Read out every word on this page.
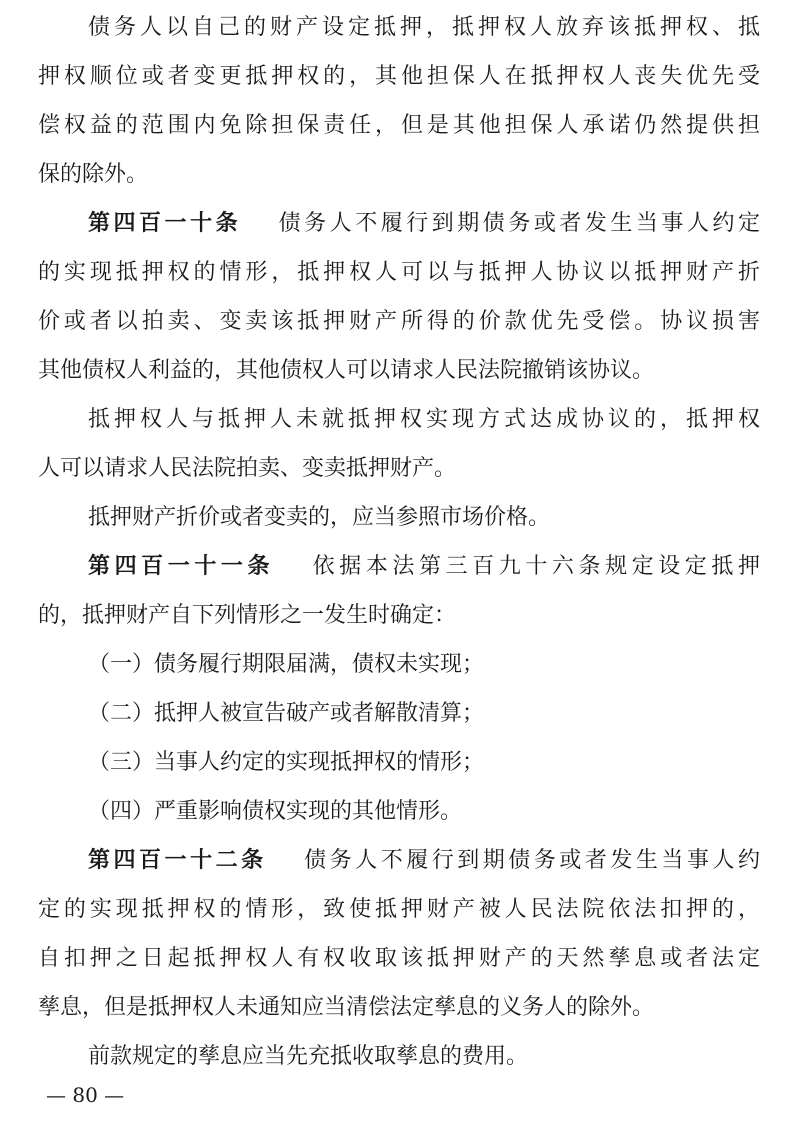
债务人以自己的财产设定抵押，抵押权人放弃该抵押权、抵
押权顺位或者变更抵押权的，其他担保人在抵押权人丧失优先受
偿权益的范围内免除担保责任，但是其他担保人承诺仍然提供担
保的除外。
第四百一十条 债务人不履行到期债务或者发生当事人约定
的实现抵押权的情形，抵押权人可以与抵押人协议以抵押财产折
价或者以拍卖、变卖该抵押财产所得的价款优先受偿。协议损害
其他债权人利益的，其他债权人可以请求人民法院撤销该协议。
抵押权人与抵押人未就抵押权实现方式达成协议的，抵押权
人可以请求人民法院拍卖、变卖抵押财产。
抵押财产折价或者变卖的，应当参照市场价格。
第四百一十一条 依据本法第三百九十六条规定设定抵押
的，抵押财产自下列情形之一发生时确定：
（一）债务履行期限届满，债权未实现；
（二）抵押人被宣告破产或者解散清算；
（三）当事人约定的实现抵押权的情形；
（四）严重影响债权实现的其他情形。
第四百一十二条 债务人不履行到期债务或者发生当事人约
定的实现抵押权的情形，致使抵押财产被人民法院依法扣押的，
自扣押之日起抵押权人有权收取该抵押财产的天然孳息或者法定
孳息，但是抵押权人未通知应当清偿法定孳息的义务人的除外。
前款规定的孳息应当先充抵收取孳息的费用。
— 80 —
